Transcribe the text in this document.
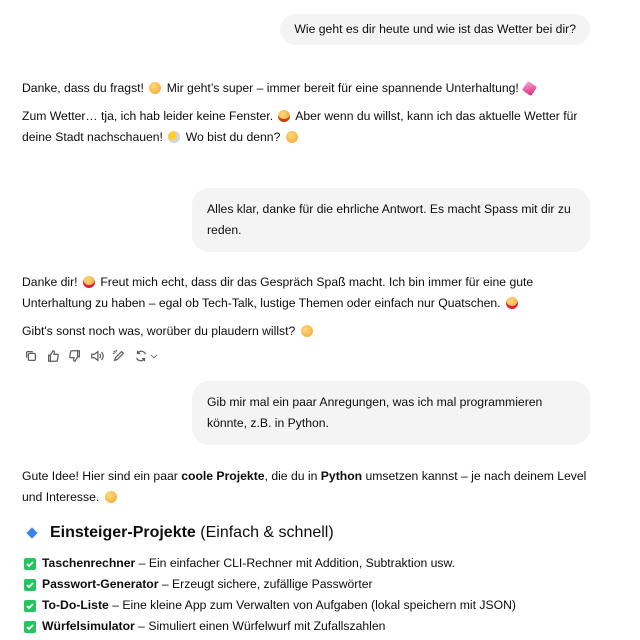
Wie geht es dir heute und wie ist das Wetter bei dir?

Danke, dass du fragst! Mir geht’s super – immer bereit für eine spannende Unterhaltung!

Zum Wetter… tja, ich hab leider keine Fenster. Aber wenn du willst, kann ich das aktuelle Wetter für deine Stadt nachschauen! Wo bist du denn?

Alles klar, danke für die ehrliche Antwort. Es macht Spass mit dir zu reden.

Danke dir! Freut mich echt, dass dir das Gespräch Spaß macht. Ich bin immer für eine gute Unterhaltung zu haben – egal ob Tech-Talk, lustige Themen oder einfach nur Quatschen.

Gibt's sonst noch was, worüber du plaudern willst?

Gib mir mal ein paar Anregungen, was ich mal programmieren könnte, z.B. in Python.

Gute Idee! Hier sind ein paar coole Projekte, die du in Python umsetzen kannst – je nach deinem Level und Interesse.

Einsteiger-Projekte (Einfach & schnell)
Taschenrechner
– Ein einfacher CLI-Rechner mit Addition, Subtraktion usw.
Passwort-Generator
– Erzeugt sichere, zufällige Passwörter
To-Do-Liste
– Eine kleine App zum Verwalten von Aufgaben (lokal speichern mit JSON)
Würfelsimulator
– Simuliert einen Würfelwurf mit Zufallszahlen
